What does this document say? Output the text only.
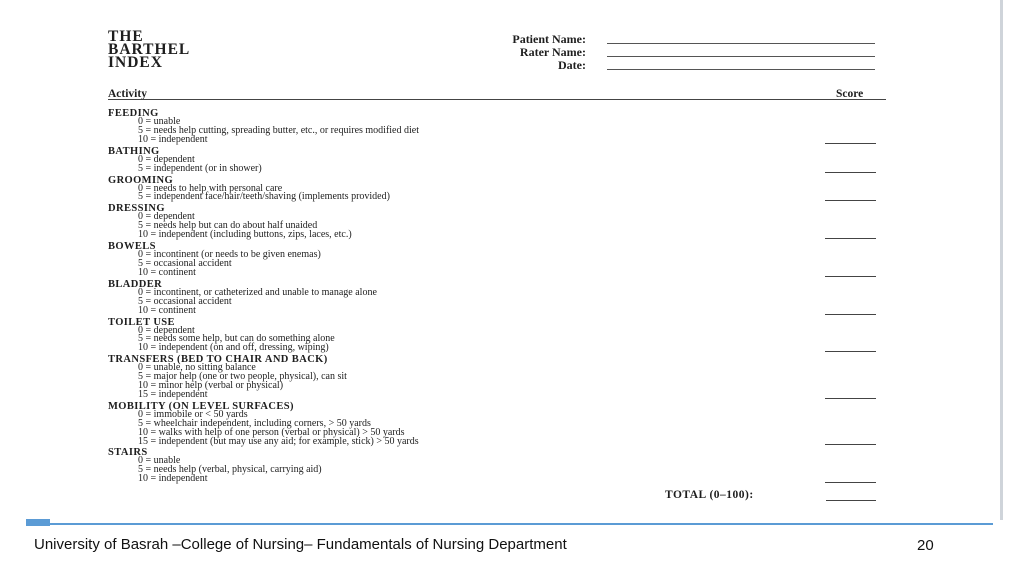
THE
BARTHEL
INDEX
Patient Name:
Rater Name:
Date:
Activity	Score
FEEDING
0 = unable
5 = needs help cutting, spreading butter, etc., or requires modified diet
10 = independent
BATHING
0 = dependent
5 = independent (or in shower)
GROOMING
0 = needs to help with personal care
5 = independent face/hair/teeth/shaving (implements provided)
DRESSING
0 = dependent
5 = needs help but can do about half unaided
10 = independent (including buttons, zips, laces, etc.)
BOWELS
0 = incontinent (or needs to be given enemas)
5 = occasional accident
10 = continent
BLADDER
0 = incontinent, or catheterized and unable to manage alone
5 = occasional accident
10 = continent
TOILET USE
0 = dependent
5 = needs some help, but can do something alone
10 = independent (on and off, dressing, wiping)
TRANSFERS (BED TO CHAIR AND BACK)
0 = unable, no sitting balance
5 = major help (one or two people, physical), can sit
10 = minor help (verbal or physical)
15 = independent
MOBILITY (ON LEVEL SURFACES)
0 = immobile or < 50 yards
5 = wheelchair independent, including corners, > 50 yards
10 = walks with help of one person (verbal or physical) > 50 yards
15 = independent (but may use any aid; for example, stick) > 50 yards
STAIRS
0 = unable
5 = needs help (verbal, physical, carrying aid)
10 = independent
TOTAL (0–100):
University of Basrah –College of Nursing– Fundamentals of Nursing Department	20
